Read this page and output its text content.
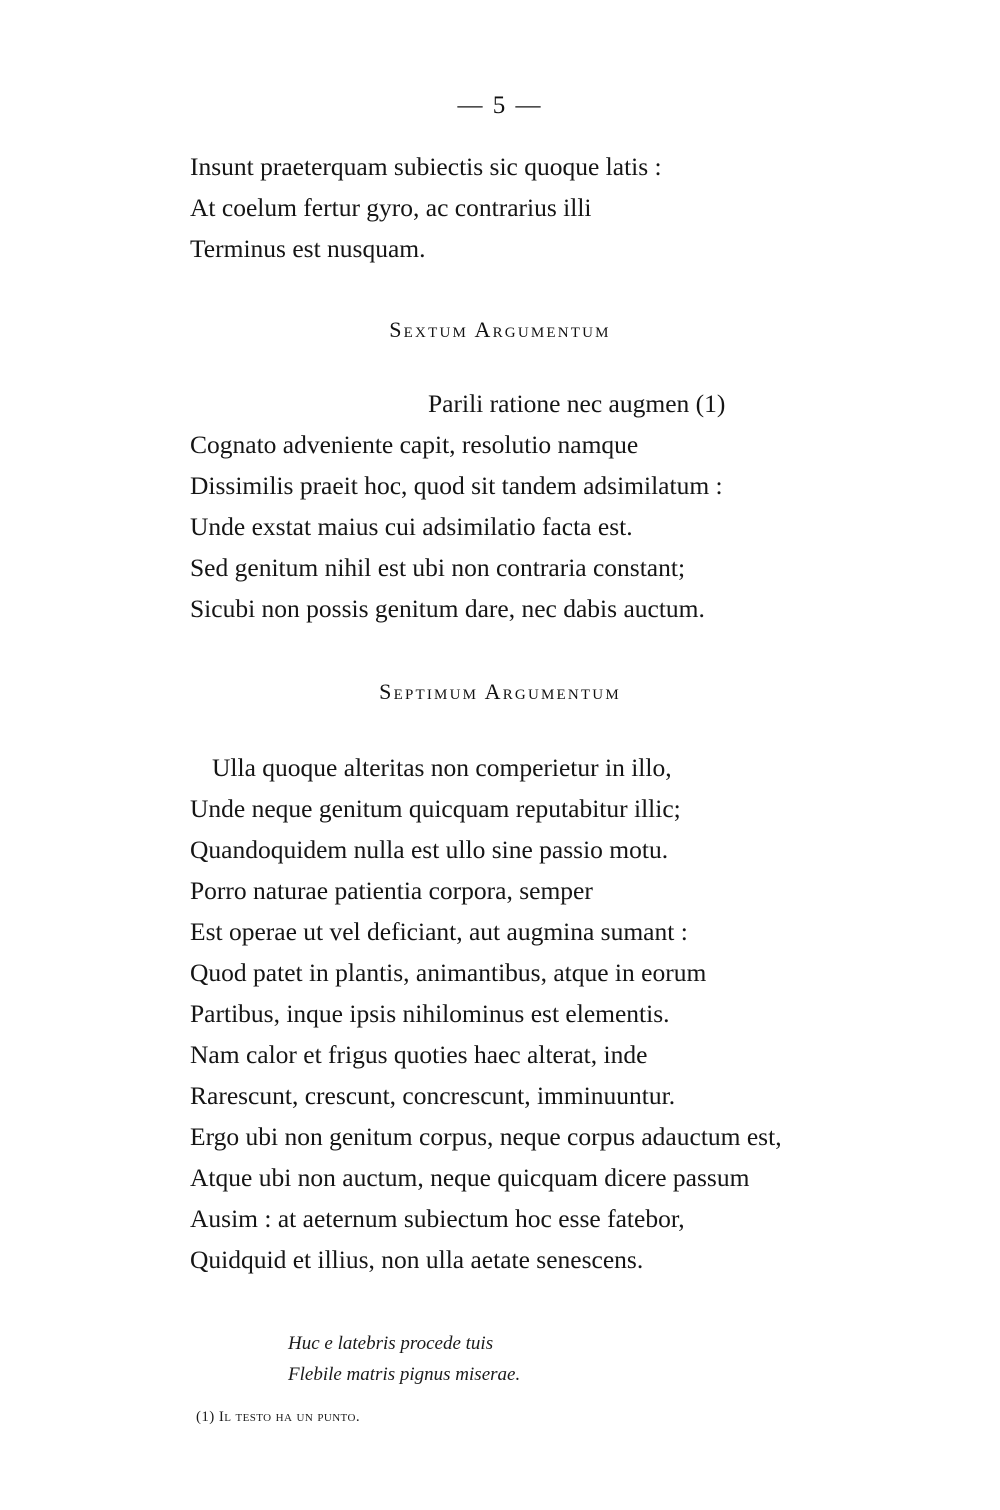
— 5 —
Insunt praeterquam subiectis sic quoque latis :
At coelum fertur gyro, ac contrarius illi
Terminus est nusquam.
Sextum Argumentum
Parili ratione nec augmen (1)
Cognato adveniente capit, resolutio namque
Dissimilis praeit hoc, quod sit tandem adsimilatum :
Unde exstat maius cui adsimilatio facta est.
Sed genitum nihil est ubi non contraria constant;
Sicubi non possis genitum dare, nec dabis auctum.
Septimum Argumentum
Ulla quoque alteritas non comperietur in illo,
Unde neque genitum quicquam reputabitur illic;
Quandoquidem nulla est ullo sine passio motu.
Porro naturae patientia corpora, semper
Est operae ut vel deficiant, aut augmina sumant :
Quod patet in plantis, animantibus, atque in eorum
Partibus, inque ipsis nihilominus est elementis.
Nam calor et frigus quoties haec alterat, inde
Rarescunt, crescunt, concrescunt, imminuuntur.
Ergo ubi non genitum corpus, neque corpus adauctum est,
Atque ubi non auctum, neque quicquam dicere passum
Ausim : at aeternum subiectum hoc esse fatebor,
Quidquid et illius, non ulla aetate senescens.
Huc e latebris procede tuis
Flebile matris pignus miserae.
(1) Il testo ha un punto.
